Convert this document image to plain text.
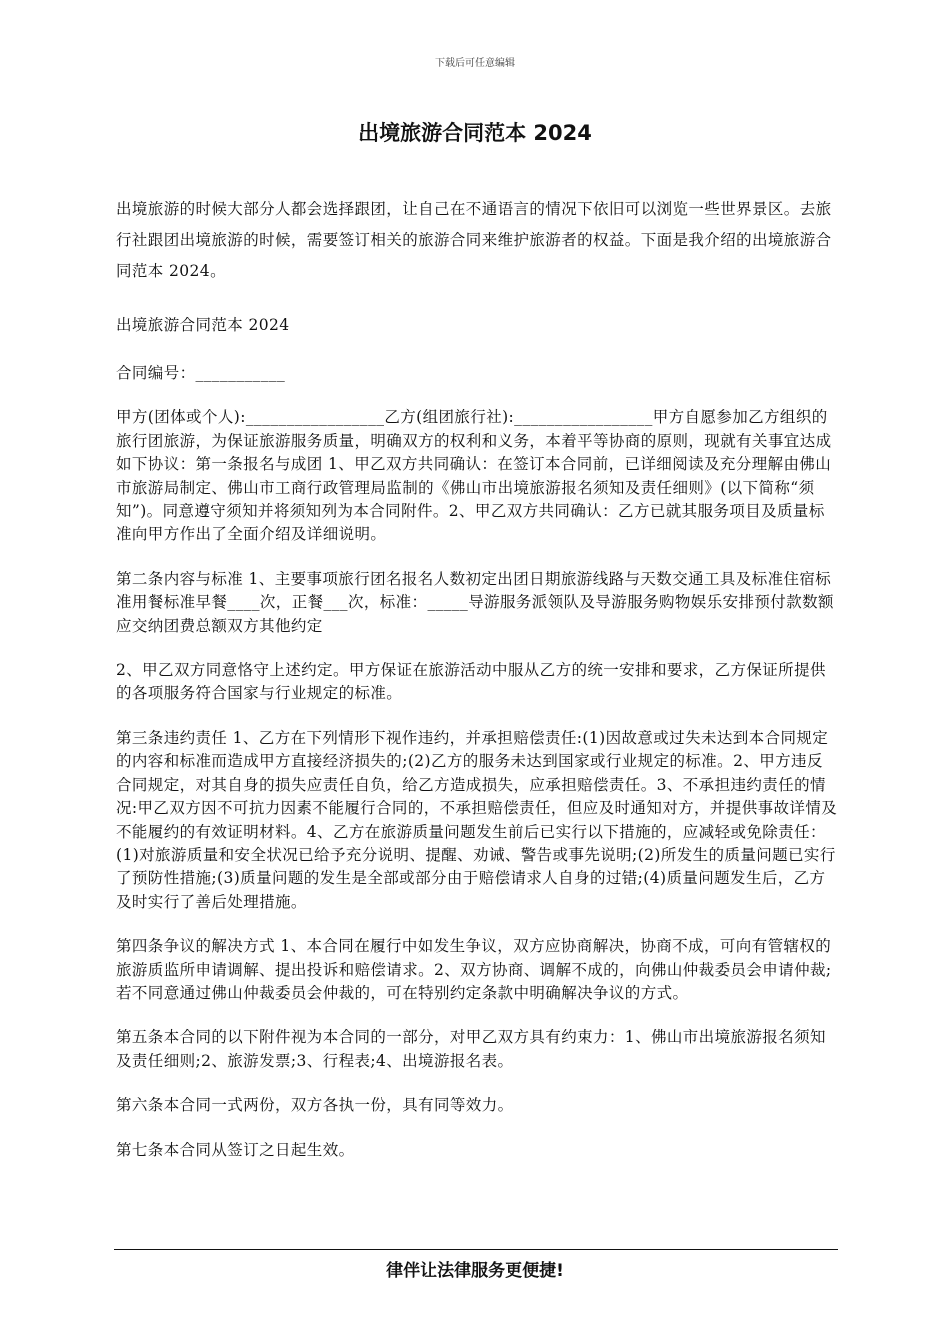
下载后可任意编辑
出境旅游合同范本 2024

出境旅游的时候大部分人都会选择跟团，让自己在不通语言的情况下依旧可以浏览一些世界景区。去旅行社跟团出境旅游的时候，需要签订相关的旅游合同来维护旅游者的权益。下面是我介绍的出境旅游合同范本 2024。

出境旅游合同范本 2024

合同编号：___________

甲方(团体或个人):_________________乙方(组团旅行社):_________________甲方自愿参加乙方组织的旅行团旅游，为保证旅游服务质量，明确双方的权利和义务，本着平等协商的原则，现就有关事宜达成如下协议：第一条报名与成团 1、甲乙双方共同确认：在签订本合同前，已详细阅读及充分理解由佛山市旅游局制定、佛山市工商行政管理局监制的《佛山市出境旅游报名须知及责任细则》(以下简称“须知”)。同意遵守须知并将须知列为本合同附件。2、甲乙双方共同确认：乙方已就其服务项目及质量标准向甲方作出了全面介绍及详细说明。

第二条内容与标准 1、主要事项旅行团名报名人数初定出团日期旅游线路与天数交通工具及标准住宿标准用餐标准早餐____次，正餐___次，标准：_____导游服务派领队及导游服务购物娱乐安排预付款数额应交纳团费总额双方其他约定

2、甲乙双方同意恪守上述约定。甲方保证在旅游活动中服从乙方的统一安排和要求，乙方保证所提供的各项服务符合国家与行业规定的标准。

第三条违约责任 1、乙方在下列情形下视作违约，并承担赔偿责任:(1)因故意或过失未达到本合同规定的内容和标准而造成甲方直接经济损失的;(2)乙方的服务未达到国家或行业规定的标准。2、甲方违反合同规定，对其自身的损失应责任自负，给乙方造成损失，应承担赔偿责任。3、不承担违约责任的情况:甲乙双方因不可抗力因素不能履行合同的，不承担赔偿责任，但应及时通知对方，并提供事故详情及不能履约的有效证明材料。4、乙方在旅游质量问题发生前后已实行以下措施的，应减轻或免除责任：(1)对旅游质量和安全状况已给予充分说明、提醒、劝诫、警告或事先说明;(2)所发生的质量问题已实行了预防性措施;(3)质量问题的发生是全部或部分由于赔偿请求人自身的过错;(4)质量问题发生后，乙方及时实行了善后处理措施。

第四条争议的解决方式 1、本合同在履行中如发生争议，双方应协商解决，协商不成，可向有管辖权的旅游质监所申请调解、提出投诉和赔偿请求。2、双方协商、调解不成的，向佛山仲裁委员会申请仲裁;若不同意通过佛山仲裁委员会仲裁的，可在特别约定条款中明确解决争议的方式。

第五条本合同的以下附件视为本合同的一部分，对甲乙双方具有约束力：1、佛山市出境旅游报名须知及责任细则;2、旅游发票;3、行程表;4、出境游报名表。

第六条本合同一式两份，双方各执一份，具有同等效力。

第七条本合同从签订之日起生效。

律伴让法律服务更便捷!
